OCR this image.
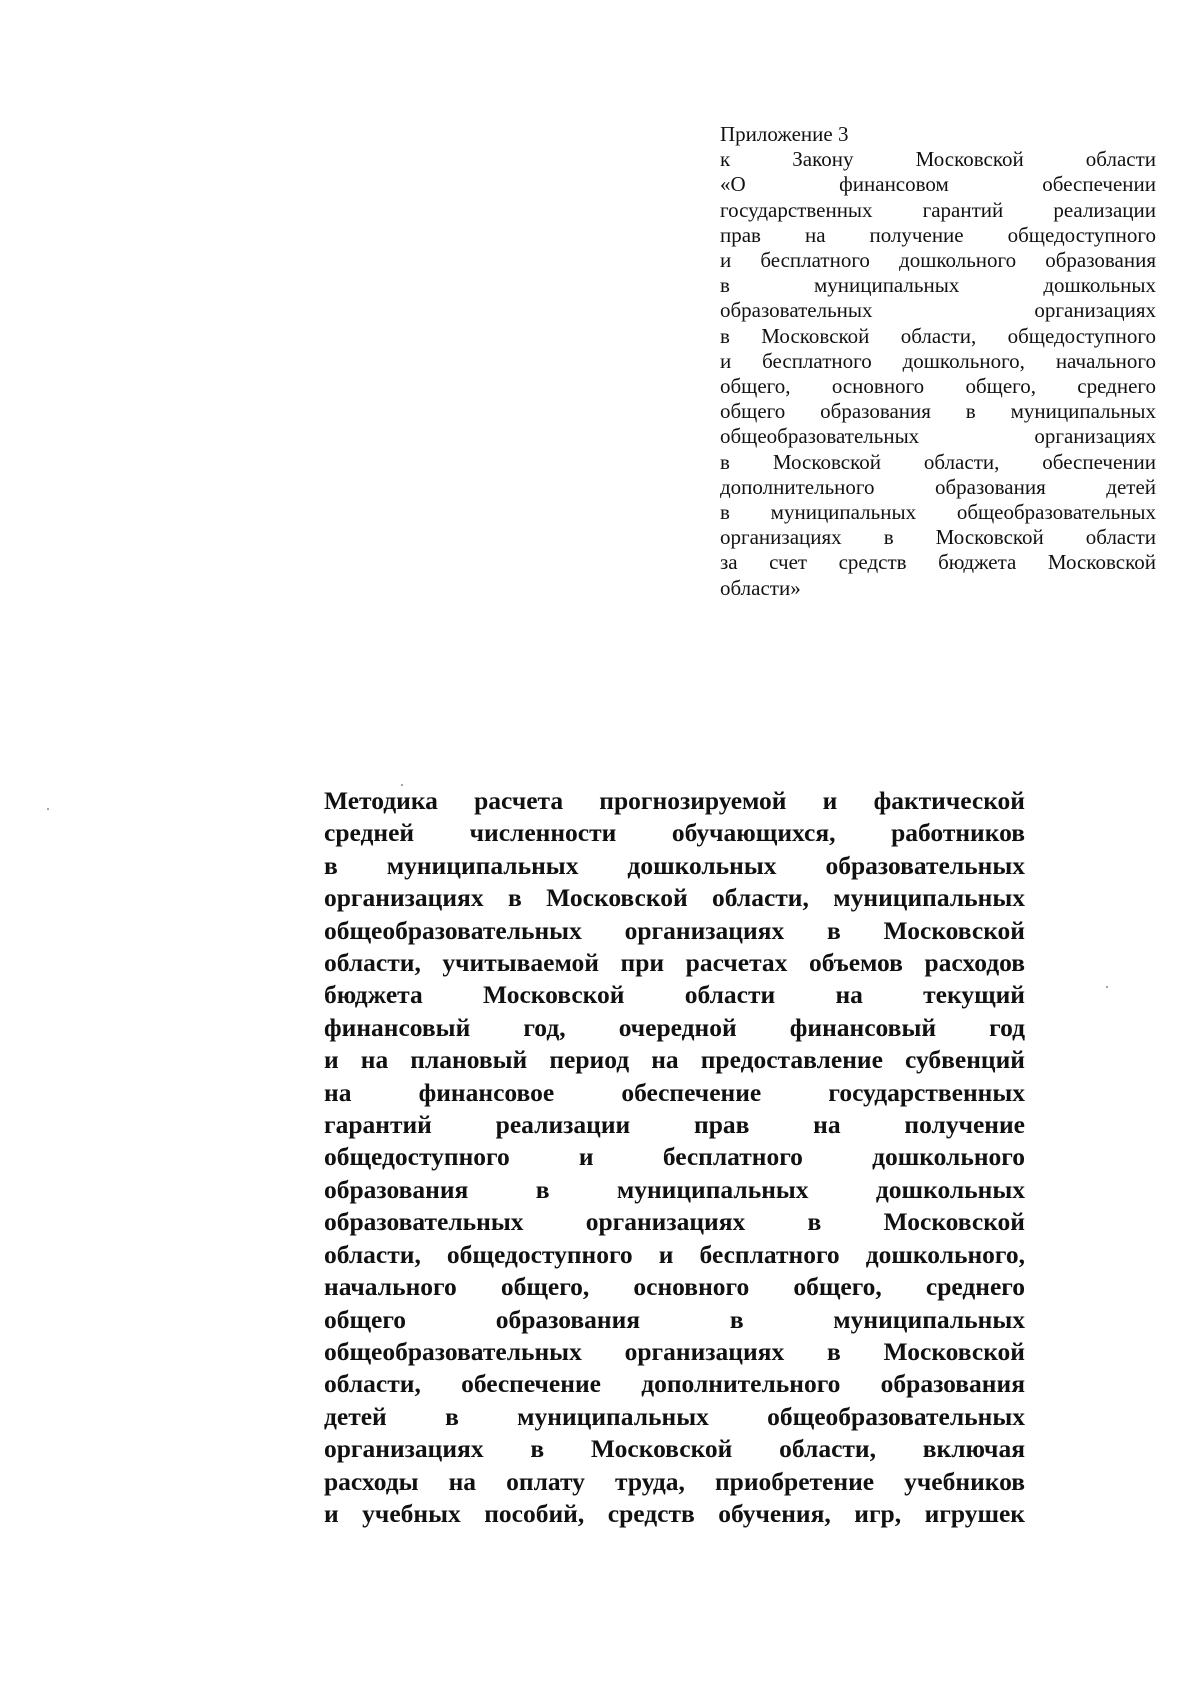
Приложение 3
к Закону Московской области
«О финансовом обеспечении
государственных гарантий реализации
прав на получение общедоступного
и бесплатного дошкольного образования
в муниципальных дошкольных
образовательных организациях
в Московской области, общедоступного
и бесплатного дошкольного, начального
общего, основного общего, среднего
общего образования в муниципальных
общеобразовательных организациях
в Московской области, обеспечении
дополнительного образования детей
в муниципальных общеобразовательных
организациях в Московской области
за счет средств бюджета Московской
области»
Методика расчета прогнозируемой и фактической
средней численности обучающихся, работников
в муниципальных дошкольных образовательных
организациях в Московской области, муниципальных
общеобразовательных организациях в Московской
области, учитываемой при расчетах объемов расходов
бюджета Московской области на текущий
финансовый год, очередной финансовый год
и на плановый период на предоставление субвенций
на финансовое обеспечение государственных
гарантий реализации прав на получение
общедоступного и бесплатного дошкольного
образования в муниципальных дошкольных
образовательных организациях в Московской
области, общедоступного и бесплатного дошкольного,
начального общего, основного общего, среднего
общего образования в муниципальных
общеобразовательных организациях в Московской
области, обеспечение дополнительного образования
детей в муниципальных общеобразовательных
организациях в Московской области, включая
расходы на оплату труда, приобретение учебников
и учебных пособий, средств обучения, игр, игрушек
